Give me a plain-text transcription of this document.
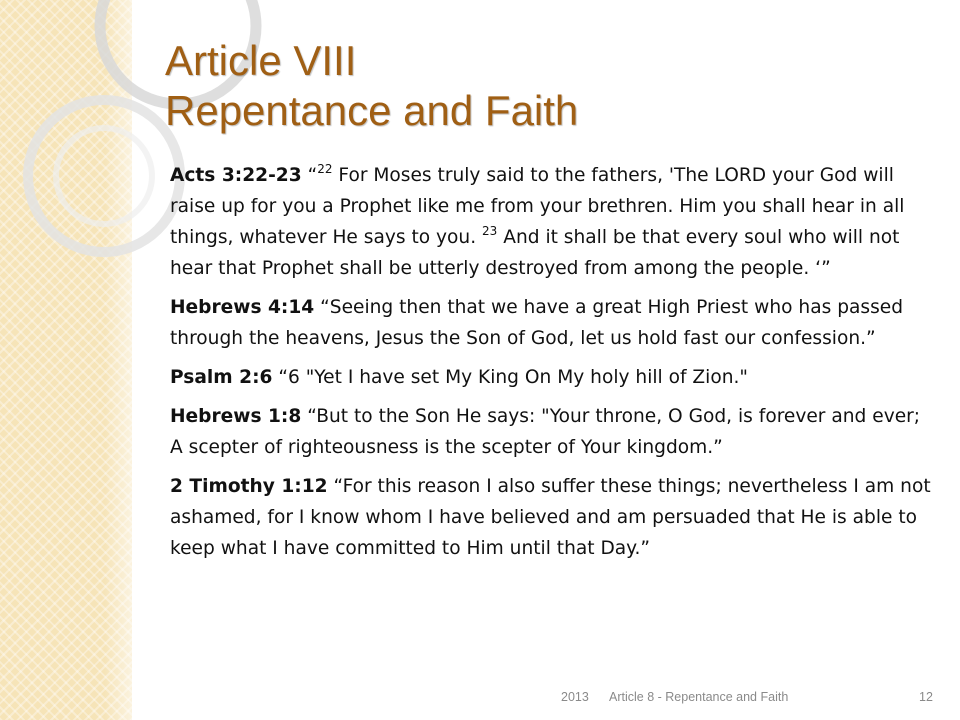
Article VIII
Repentance and Faith

Acts 3:22-23 “$^{22}$ For Moses truly said to the fathers, 'The LORD your God will raise up for you a Prophet like me from your brethren. Him you shall hear in all things, whatever He says to you. $^{23}$ And it shall be that every soul who will not hear that Prophet shall be utterly destroyed from among the people. ‘”

Hebrews 4:14 “Seeing then that we have a great High Priest who has passed through the heavens, Jesus the Son of God, let us hold fast our confession.”

Psalm 2:6 “6 "Yet I have set My King On My holy hill of Zion."

Hebrews 1:8 “But to the Son He says: "Your throne, O God, is forever and ever; A scepter of righteousness is the scepter of Your kingdom.”

2 Timothy 1:12 “For this reason I also suffer these things; nevertheless I am not ashamed, for I know whom I have believed and am persuaded that He is able to keep what I have committed to Him until that Day.”

2013 Article 8 - Repentance and Faith	12
